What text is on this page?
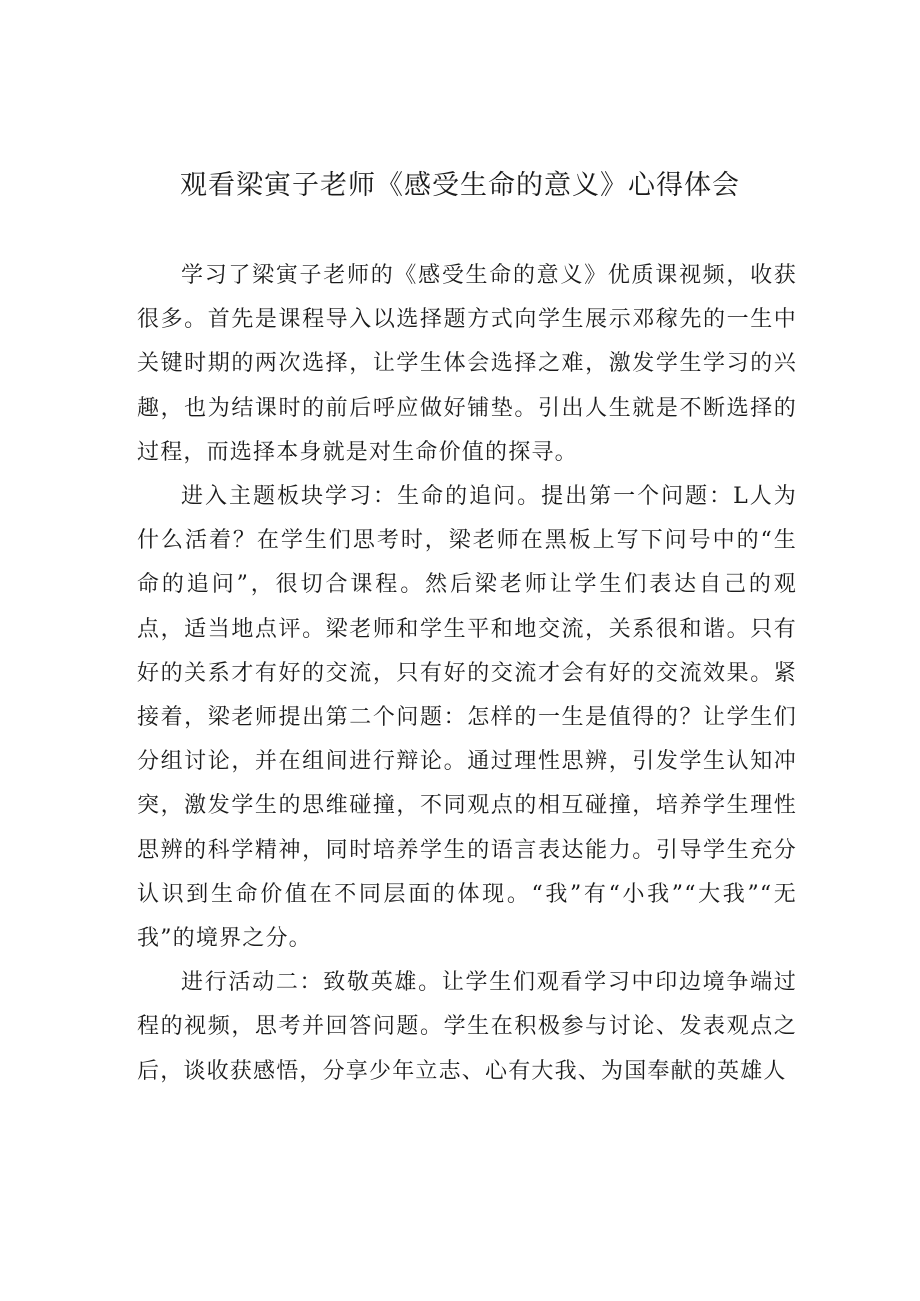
观看梁寅子老师《感受生命的意义》心得体会

学习了梁寅子老师的《感受生命的意义》优质课视频，收获很多。首先是课程导入以选择题方式向学生展示邓稼先的一生中关键时期的两次选择，让学生体会选择之难，激发学生学习的兴趣，也为结课时的前后呼应做好铺垫。引出人生就是不断选择的过程，而选择本身就是对生命价值的探寻。

进入主题板块学习：生命的追问。提出第一个问题：L人为什么活着？在学生们思考时，梁老师在黑板上写下问号中的“生命的追问”，很切合课程。然后梁老师让学生们表达自己的观点，适当地点评。梁老师和学生平和地交流，关系很和谐。只有好的关系才有好的交流，只有好的交流才会有好的交流效果。紧接着，梁老师提出第二个问题：怎样的一生是值得的？让学生们分组讨论，并在组间进行辩论。通过理性思辨，引发学生认知冲突，激发学生的思维碰撞，不同观点的相互碰撞，培养学生理性思辨的科学精神，同时培养学生的语言表达能力。引导学生充分认识到生命价值在不同层面的体现。“我”有“小我”“大我”“无我”的境界之分。

进行活动二：致敬英雄。让学生们观看学习中印边境争端过程的视频，思考并回答问题。学生在积极参与讨论、发表观点之后，谈收获感悟，分享少年立志、心有大我、为国奉献的英雄人
